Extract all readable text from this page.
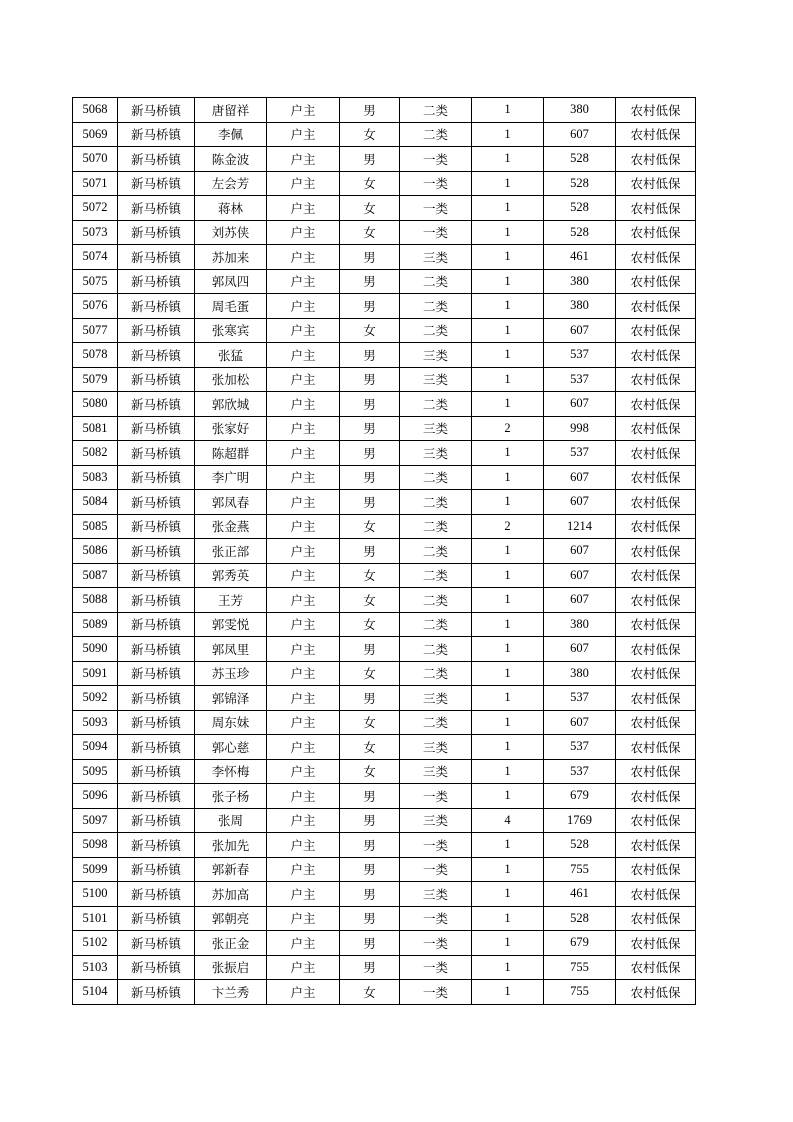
5068	新马桥镇	唐留祥	户主	男	二类	1	380	农村低保
5069	新马桥镇	李佩	户主	女	二类	1	607	农村低保
5070	新马桥镇	陈金波	户主	男	一类	1	528	农村低保
5071	新马桥镇	左会芳	户主	女	一类	1	528	农村低保
5072	新马桥镇	蒋林	户主	女	一类	1	528	农村低保
5073	新马桥镇	刘苏侠	户主	女	一类	1	528	农村低保
5074	新马桥镇	苏加来	户主	男	三类	1	461	农村低保
5075	新马桥镇	郭凤四	户主	男	二类	1	380	农村低保
5076	新马桥镇	周毛蛋	户主	男	二类	1	380	农村低保
5077	新马桥镇	张寒宾	户主	女	二类	1	607	农村低保
5078	新马桥镇	张猛	户主	男	三类	1	537	农村低保
5079	新马桥镇	张加松	户主	男	三类	1	537	农村低保
5080	新马桥镇	郭欣城	户主	男	二类	1	607	农村低保
5081	新马桥镇	张家好	户主	男	三类	2	998	农村低保
5082	新马桥镇	陈超群	户主	男	三类	1	537	农村低保
5083	新马桥镇	李广明	户主	男	二类	1	607	农村低保
5084	新马桥镇	郭凤春	户主	男	二类	1	607	农村低保
5085	新马桥镇	张金燕	户主	女	二类	2	1214	农村低保
5086	新马桥镇	张正部	户主	男	二类	1	607	农村低保
5087	新马桥镇	郭秀英	户主	女	二类	1	607	农村低保
5088	新马桥镇	王芳	户主	女	二类	1	607	农村低保
5089	新马桥镇	郭雯悦	户主	女	二类	1	380	农村低保
5090	新马桥镇	郭凤里	户主	男	二类	1	607	农村低保
5091	新马桥镇	苏玉珍	户主	女	二类	1	380	农村低保
5092	新马桥镇	郭锦泽	户主	男	三类	1	537	农村低保
5093	新马桥镇	周东妹	户主	女	二类	1	607	农村低保
5094	新马桥镇	郭心慈	户主	女	三类	1	537	农村低保
5095	新马桥镇	李怀梅	户主	女	三类	1	537	农村低保
5096	新马桥镇	张子杨	户主	男	一类	1	679	农村低保
5097	新马桥镇	张周	户主	男	三类	4	1769	农村低保
5098	新马桥镇	张加先	户主	男	一类	1	528	农村低保
5099	新马桥镇	郭新春	户主	男	一类	1	755	农村低保
5100	新马桥镇	苏加高	户主	男	三类	1	461	农村低保
5101	新马桥镇	郭朝亮	户主	男	一类	1	528	农村低保
5102	新马桥镇	张正金	户主	男	一类	1	679	农村低保
5103	新马桥镇	张振启	户主	男	一类	1	755	农村低保
5104	新马桥镇	卞兰秀	户主	女	一类	1	755	农村低保
